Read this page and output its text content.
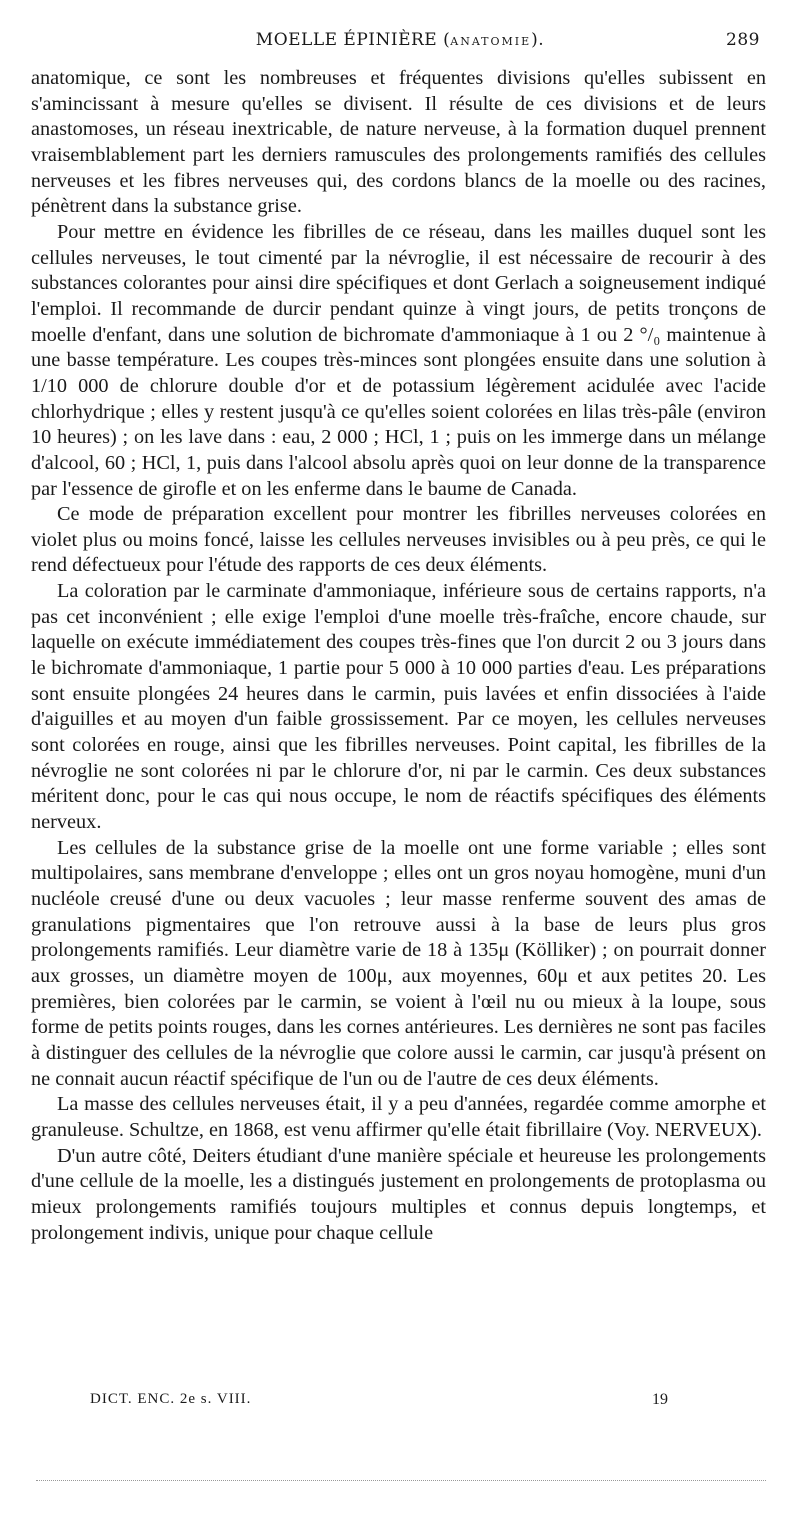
MOELLE ÉPINIÈRE (ANATOMIE).	289

anatomique, ce sont les nombreuses et fréquentes divisions qu'elles subissent en s'amincissant à mesure qu'elles se divisent. Il résulte de ces divisions et de leurs anastomoses, un réseau inextricable, de nature nerveuse, à la formation duquel prennent vraisemblablement part les derniers ramuscules des prolongements ramifiés des cellules nerveuses et les fibres nerveuses qui, des cordons blancs de la moelle ou des racines, pénètrent dans la substance grise.

Pour mettre en évidence les fibrilles de ce réseau, dans les mailles duquel sont les cellules nerveuses, le tout cimenté par la névroglie, il est nécessaire de recourir à des substances colorantes pour ainsi dire spécifiques et dont Gerlach a soigneusement indiqué l'emploi. Il recommande de durcir pendant quinze à vingt jours, de petits tronçons de moelle d'enfant, dans une solution de bichromate d'ammoniaque à 1 ou 2 °/₀ maintenue à une basse température. Les coupes très-minces sont plongées ensuite dans une solution à 1/10 000 de chlorure double d'or et de potassium légèrement acidulée avec l'acide chlorhydrique ; elles y restent jusqu'à ce qu'elles soient colorées en lilas très-pâle (environ 10 heures) ; on les lave dans : eau, 2 000 ; HCl, 1 ; puis on les immerge dans un mélange d'alcool, 60 ; HCl, 1, puis dans l'alcool absolu après quoi on leur donne de la transparence par l'essence de girofle et on les enferme dans le baume de Canada.

Ce mode de préparation excellent pour montrer les fibrilles nerveuses colorées en violet plus ou moins foncé, laisse les cellules nerveuses invisibles ou à peu près, ce qui le rend défectueux pour l'étude des rapports de ces deux éléments.

La coloration par le carminate d'ammoniaque, inférieure sous de certains rapports, n'a pas cet inconvénient ; elle exige l'emploi d'une moelle très-fraîche, encore chaude, sur laquelle on exécute immédiatement des coupes très-fines que l'on durcit 2 ou 3 jours dans le bichromate d'ammoniaque, 1 partie pour 5 000 à 10 000 parties d'eau. Les préparations sont ensuite plongées 24 heures dans le carmin, puis lavées et enfin dissociées à l'aide d'aiguilles et au moyen d'un faible grossissement. Par ce moyen, les cellules nerveuses sont colorées en rouge, ainsi que les fibrilles nerveuses. Point capital, les fibrilles de la névroglie ne sont colorées ni par le chlorure d'or, ni par le carmin. Ces deux substances méritent donc, pour le cas qui nous occupe, le nom de réactifs spécifiques des éléments nerveux.

Les cellules de la substance grise de la moelle ont une forme variable ; elles sont multipolaires, sans membrane d'enveloppe ; elles ont un gros noyau homogène, muni d'un nucléole creusé d'une ou deux vacuoles ; leur masse renferme souvent des amas de granulations pigmentaires que l'on retrouve aussi à la base de leurs plus gros prolongements ramifiés. Leur diamètre varie de 18 à 135μ (Kölliker) ; on pourrait donner aux grosses, un diamètre moyen de 100μ, aux moyennes, 60μ et aux petites 20. Les premières, bien colorées par le carmin, se voient à l'œil nu ou mieux à la loupe, sous forme de petits points rouges, dans les cornes antérieures. Les dernières ne sont pas faciles à distinguer des cellules de la névroglie que colore aussi le carmin, car jusqu'à présent on ne connait aucun réactif spécifique de l'un ou de l'autre de ces deux éléments.

La masse des cellules nerveuses était, il y a peu d'années, regardée comme amorphe et granuleuse. Schultze, en 1868, est venu affirmer qu'elle était fibrillaire (Voy. NERVEUX).

D'un autre côté, Deiters étudiant d'une manière spéciale et heureuse les prolongements d'une cellule de la moelle, les a distingués justement en prolongements de protoplasma ou mieux prolongements ramifiés toujours multiples et connus depuis longtemps, et prolongement indivis, unique pour chaque cellule

DICT. ENC. 2e s. VIII.	19
